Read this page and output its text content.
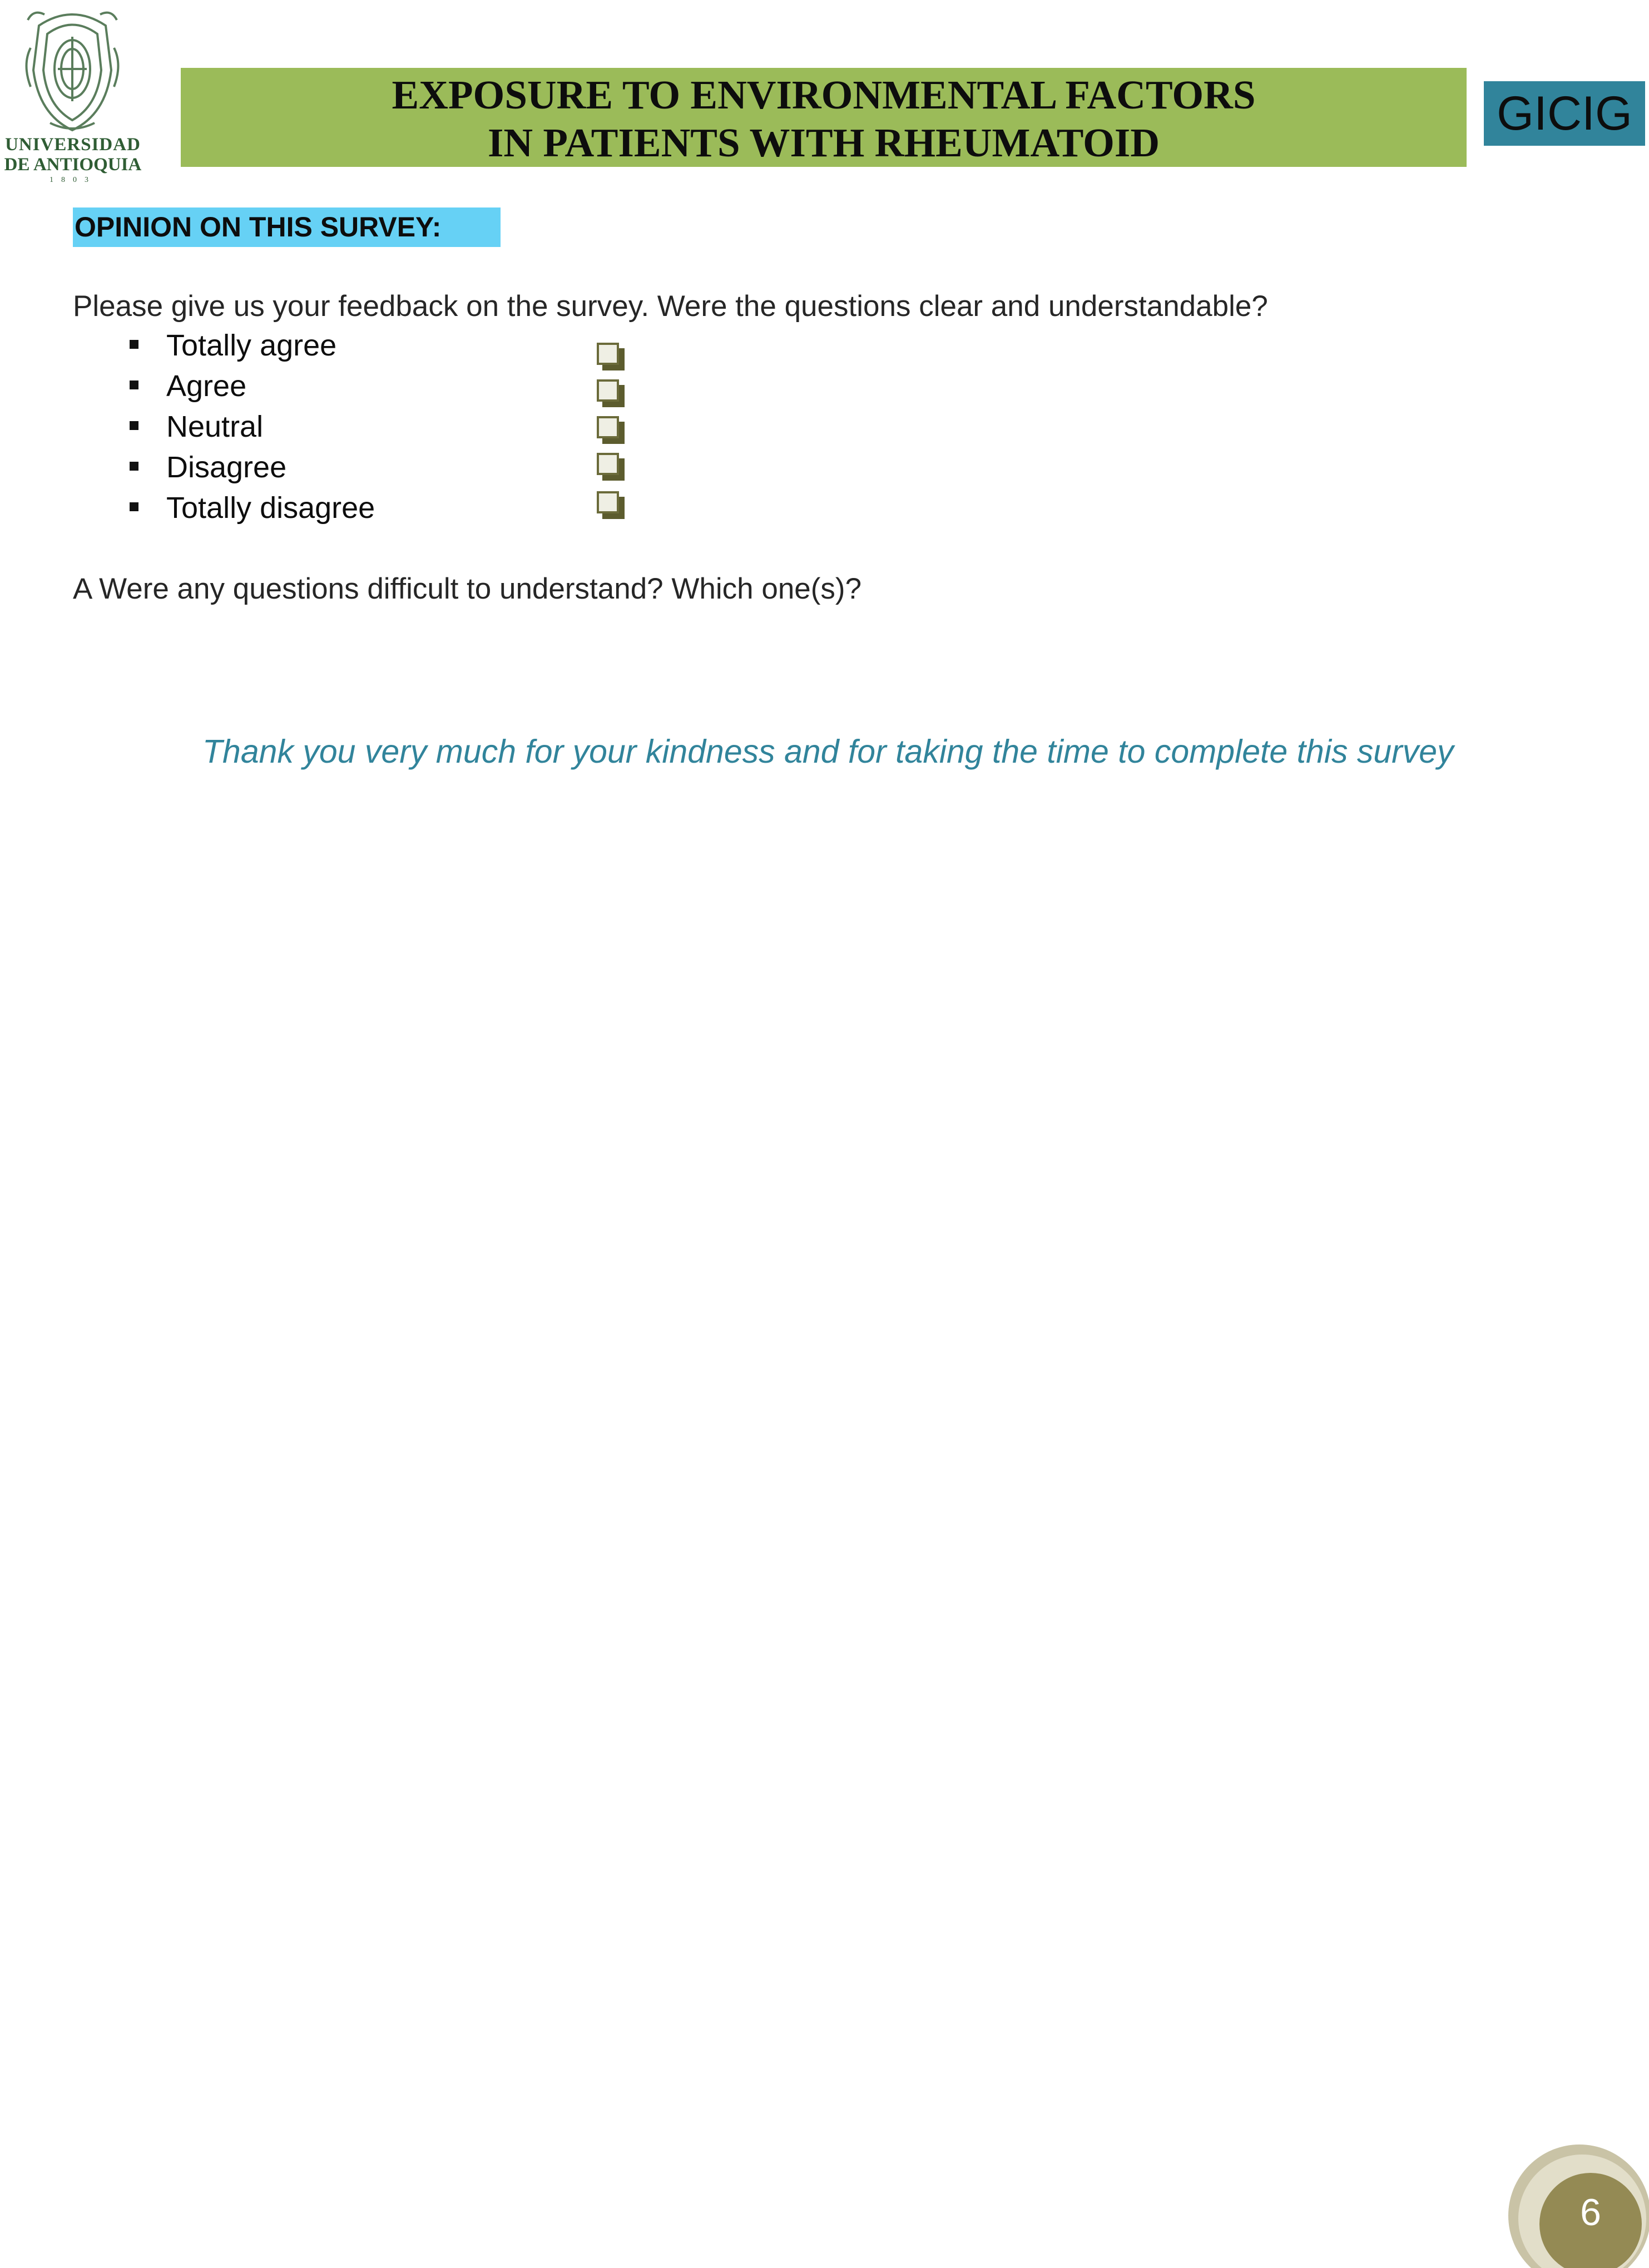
UNIVERSIDAD
DE ANTIOQUIA
1803
EXPOSURE TO ENVIRONMENTAL FACTORS
IN PATIENTS WITH RHEUMATOID
GICIG
OPINION ON THIS SURVEY:
Please give us your feedback on the survey. Were the questions clear and understandable?
Totally agree
Agree
Neutral
Disagree
Totally disagree
A Were any questions difficult to understand? Which one(s)?
Thank you very much for your kindness and for taking the time to complete this survey
6
